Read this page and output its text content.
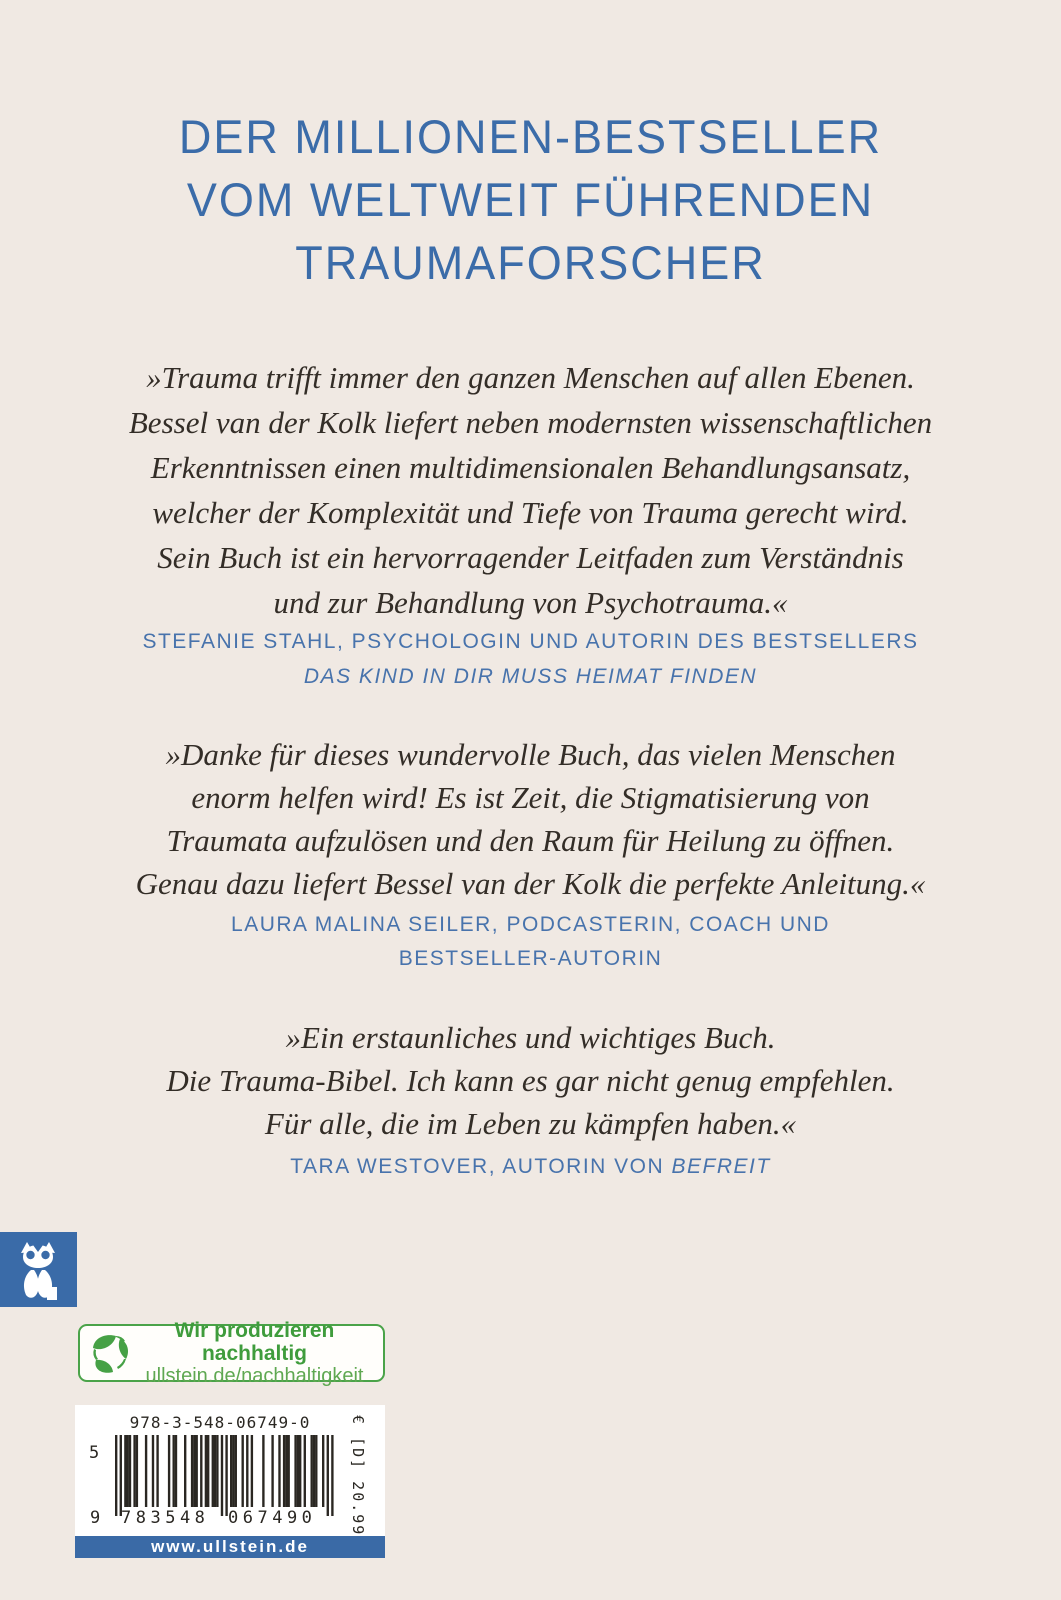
DER MILLIONEN-BESTSELLER
VOM WELTWEIT FÜHRENDEN
TRAUMAFORSCHER
»Trauma trifft immer den ganzen Menschen auf allen Ebenen.
Bessel van der Kolk liefert neben modernsten wissenschaftlichen
Erkenntnissen einen multidimensionalen Behandlungsansatz,
welcher der Komplexität und Tiefe von Trauma gerecht wird.
Sein Buch ist ein hervorragender Leitfaden zum Verständnis
und zur Behandlung von Psychotrauma.«
STEFANIE STAHL, PSYCHOLOGIN UND AUTORIN DES BESTSELLERS
DAS KIND IN DIR MUSS HEIMAT FINDEN
»Danke für dieses wundervolle Buch, das vielen Menschen
enorm helfen wird! Es ist Zeit, die Stigmatisierung von
Traumata aufzulösen und den Raum für Heilung zu öffnen.
Genau dazu liefert Bessel van der Kolk die perfekte Anleitung.«
LAURA MALINA SEILER, PODCASTERIN, COACH UND
BESTSELLER-AUTORIN
»Ein erstaunliches und wichtiges Buch.
Die Trauma-Bibel. Ich kann es gar nicht genug empfehlen.
Für alle, die im Leben zu kämpfen haben.«
TARA WESTOVER, AUTORIN VON BEFREIT
Wir produzieren nachhaltig
ullstein.de/nachhaltigkeit
978-3-548-06749-0
5
9 783548 067490 € [D] 20.99
www.ullstein.de
